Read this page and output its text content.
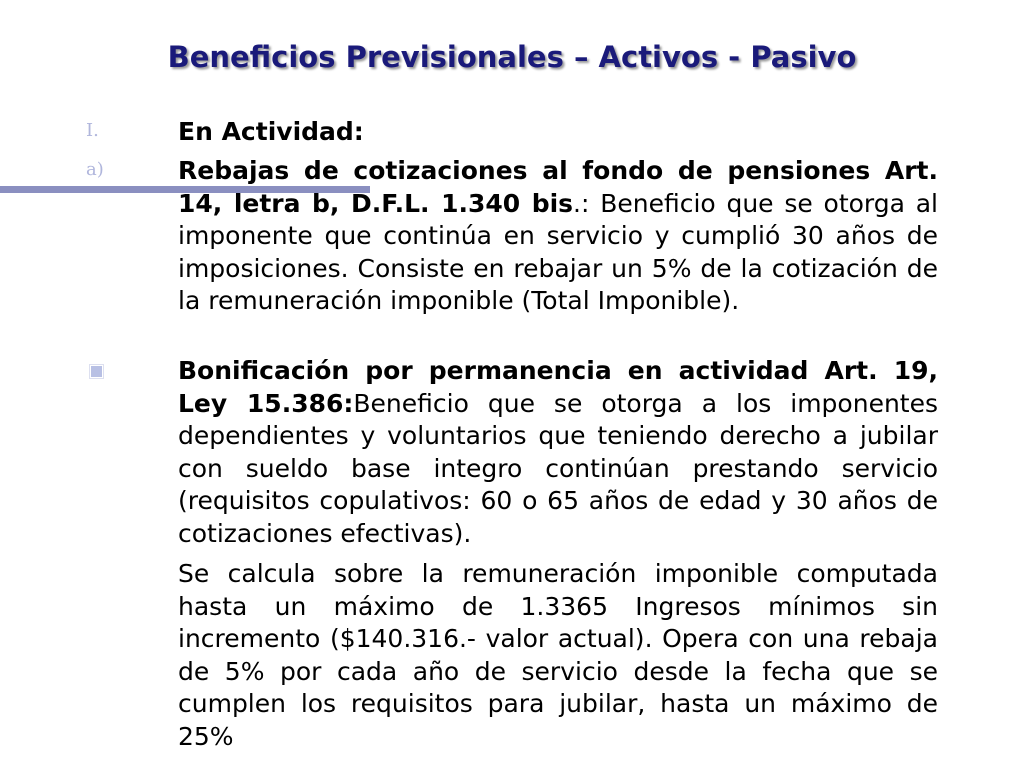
Beneficios Previsionales – Activos - Pasivo
I.	En Actividad:
a)	Rebajas de cotizaciones al fondo de pensiones Art. 14, letra b, D.F.L. 1.340 bis.: Beneficio que se otorga al imponente que continúa en servicio y cumplió 30 años de imposiciones. Consiste en rebajar un 5% de la cotización de la remuneración imponible (Total Imponible).
Bonificación por permanencia en actividad Art. 19, Ley 15.386:Beneficio que se otorga a los imponentes dependientes y voluntarios que teniendo derecho a jubilar con sueldo base integro continúan prestando servicio (requisitos copulativos: 60 o 65 años de edad y 30 años de cotizaciones efectivas).
Se calcula sobre la remuneración imponible computada hasta un máximo de 1.3365 Ingresos mínimos sin incremento ($140.316.- valor actual). Opera con una rebaja de 5% por cada año de servicio desde la fecha que se cumplen los requisitos para jubilar, hasta un máximo de 25%
